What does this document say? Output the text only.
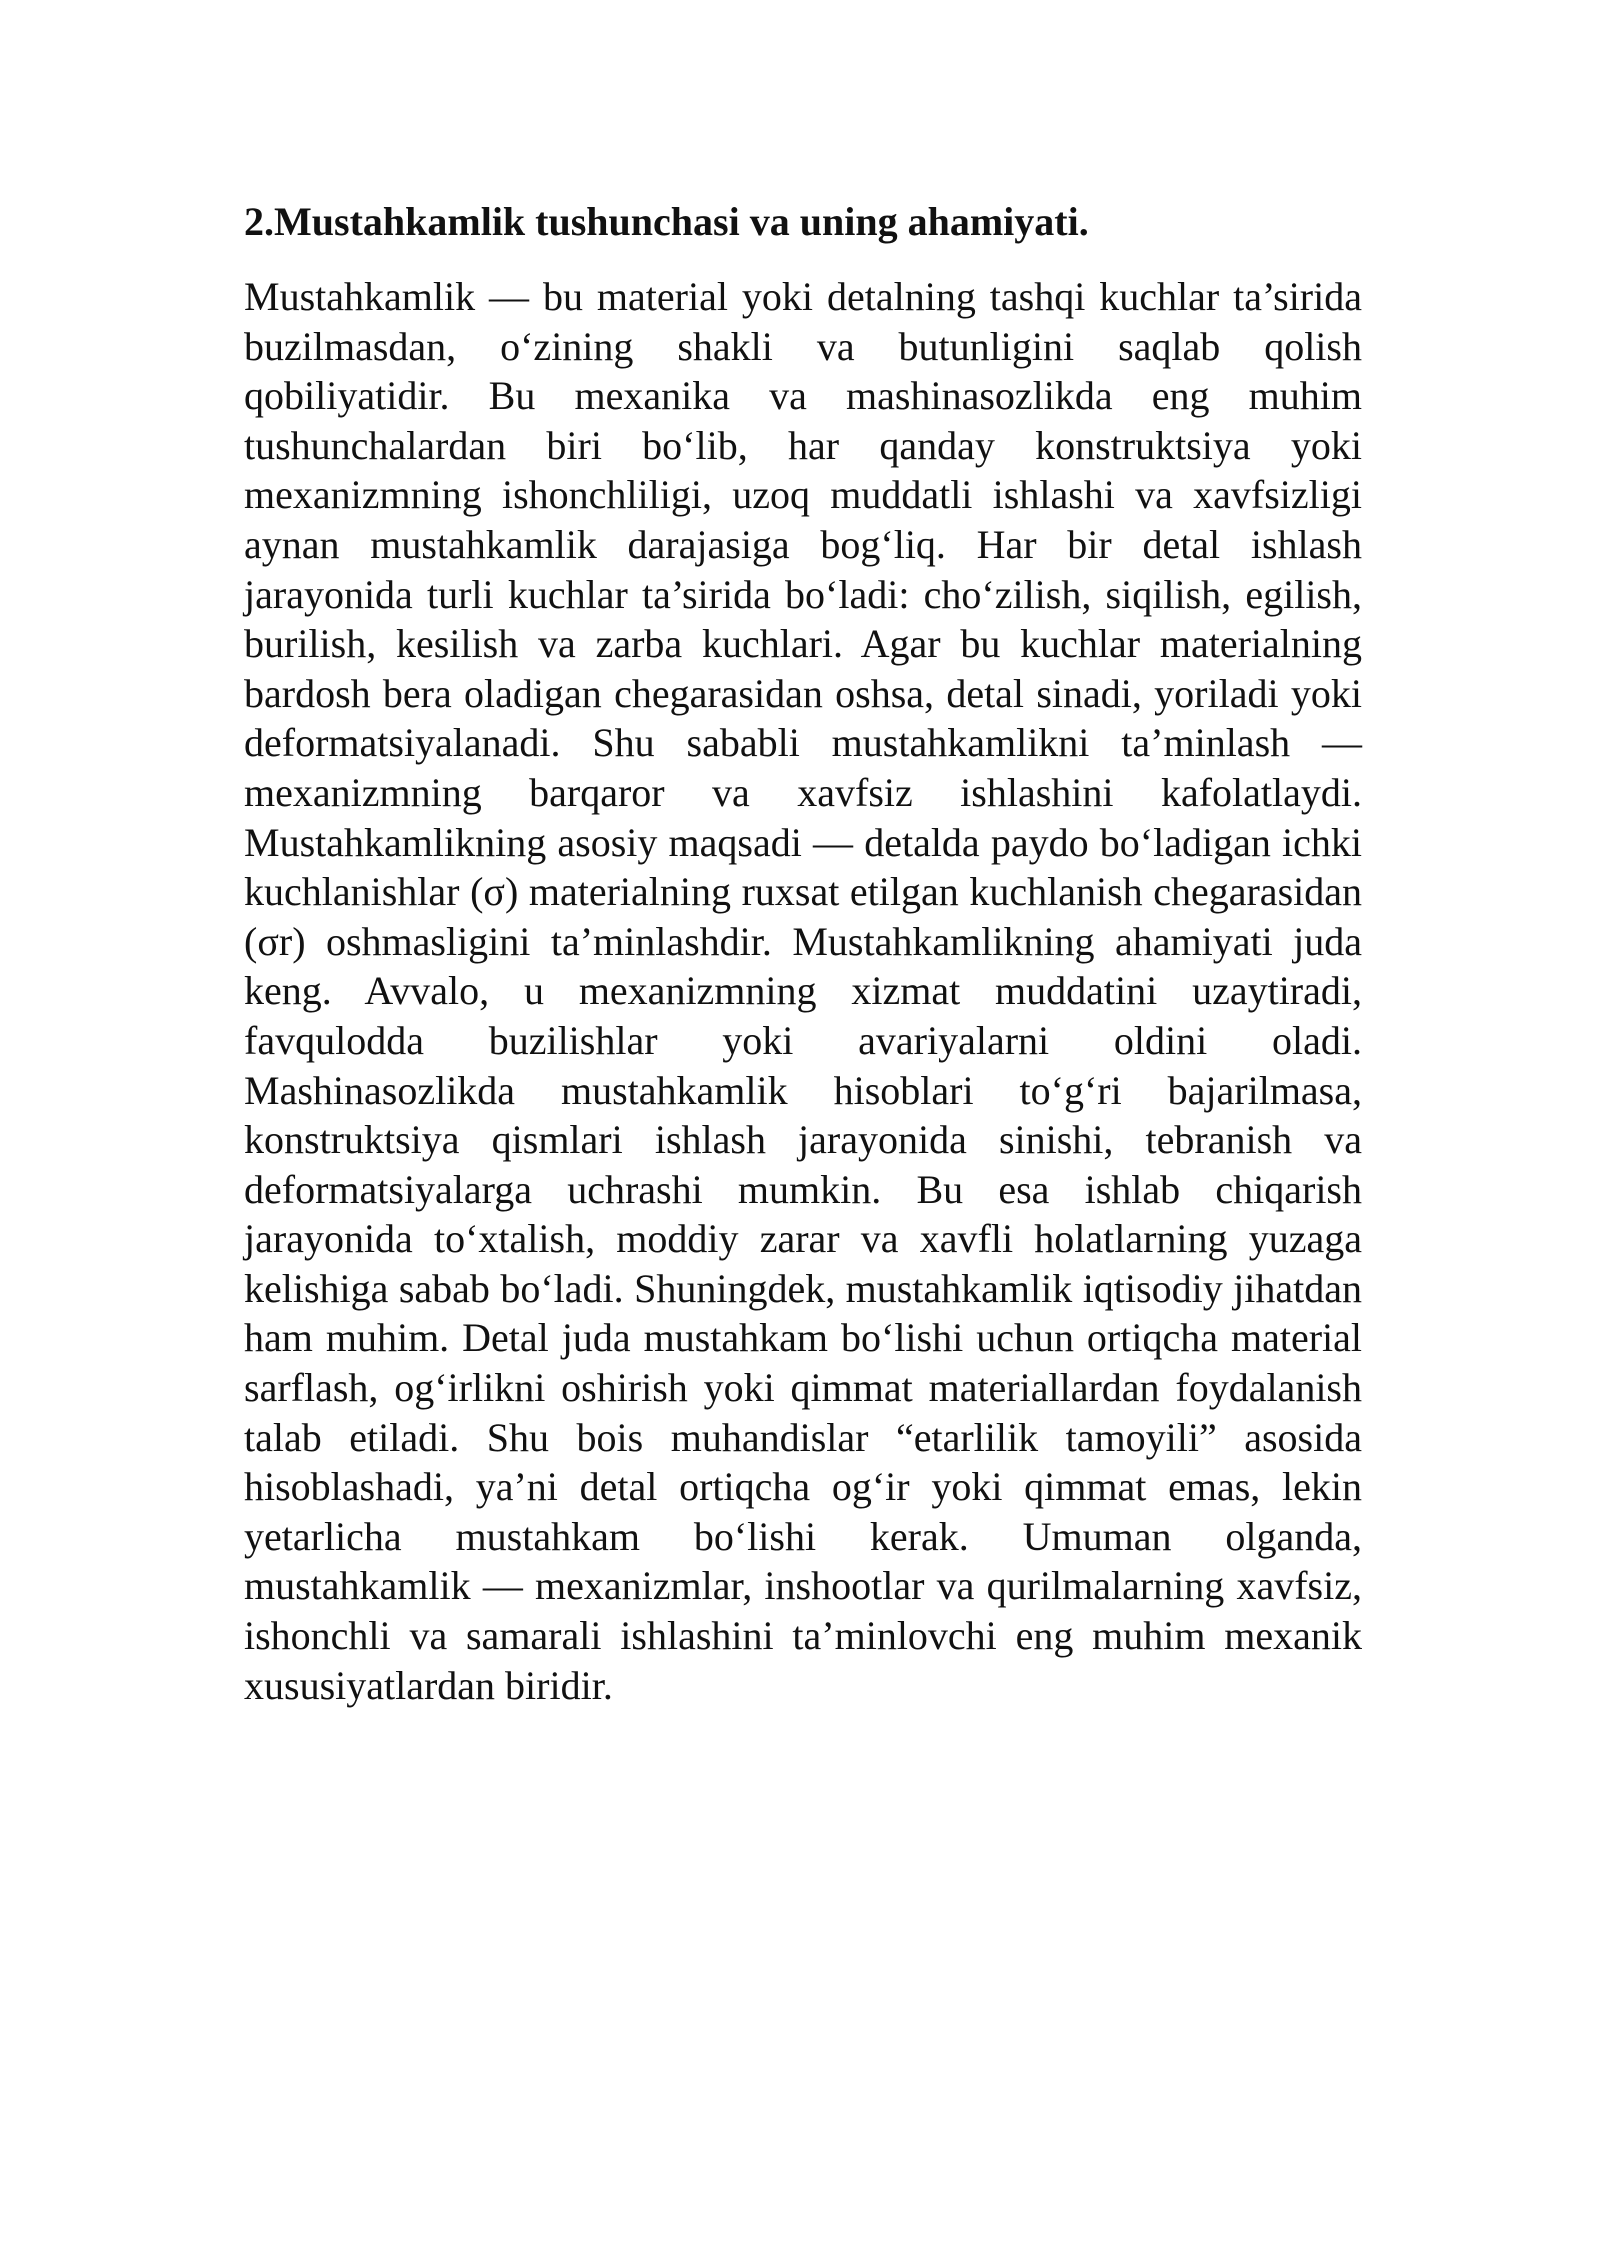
2.Mustahkamlik tushunchasi va uning ahamiyati.

Mustahkamlik — bu material yoki detalning tashqi kuchlar ta’sirida buzilmasdan, o‘zining shakli va butunligini saqlab qolish qobiliyatidir. Bu mexanika va mashinasozlikda eng muhim tushunchalardan biri bo‘lib, har qanday konstruktsiya yoki mexanizmning ishonchliligi, uzoq muddatli ishlashi va xavfsizligi aynan mustahkamlik darajasiga bog‘liq. Har bir detal ishlash jarayonida turli kuchlar ta’sirida bo‘ladi: cho‘zilish, siqilish, egilish, burilish, kesilish va zarba kuchlari. Agar bu kuchlar materialning bardosh bera oladigan chegarasidan oshsa, detal sinadi, yoriladi yoki deformatsiyalanadi. Shu sababli mustahkamlikni ta’minlash — mexanizmning barqaror va xavfsiz ishlashini kafolatlaydi. Mustahkamlikning asosiy maqsadi — detalda paydo bo‘ladigan ichki kuchlanishlar (σ) materialning ruxsat etilgan kuchlanish chegarasidan (σr) oshmasligini ta’minlashdir. Mustahkamlikning ahamiyati juda keng. Avvalo, u mexanizmning xizmat muddatini uzaytiradi, favqulodda buzilishlar yoki avariyalarni oldini oladi. Mashinasozlikda mustahkamlik hisoblari to‘g‘ri bajarilmasa, konstruktsiya qismlari ishlash jarayonida sinishi, tebranish va deformatsiyalarga uchrashi mumkin. Bu esa ishlab chiqarish jarayonida to‘xtalish, moddiy zarar va xavfli holatlarning yuzaga kelishiga sabab bo‘ladi. Shuningdek, mustahkamlik iqtisodiy jihatdan ham muhim. Detal juda mustahkam bo‘lishi uchun ortiqcha material sarflash, og‘irlikni oshirish yoki qimmat materiallardan foydalanish talab etiladi. Shu bois muhandislar “etarlilik tamoyili” asosida hisoblashadi, ya’ni detal ortiqcha og‘ir yoki qimmat emas, lekin yetarlicha mustahkam bo‘lishi kerak. Umuman olganda, mustahkamlik — mexanizmlar, inshootlar va qurilmalarning xavfsiz, ishonchli va samarali ishlashini ta’minlovchi eng muhim mexanik xususiyatlardan biridir.
